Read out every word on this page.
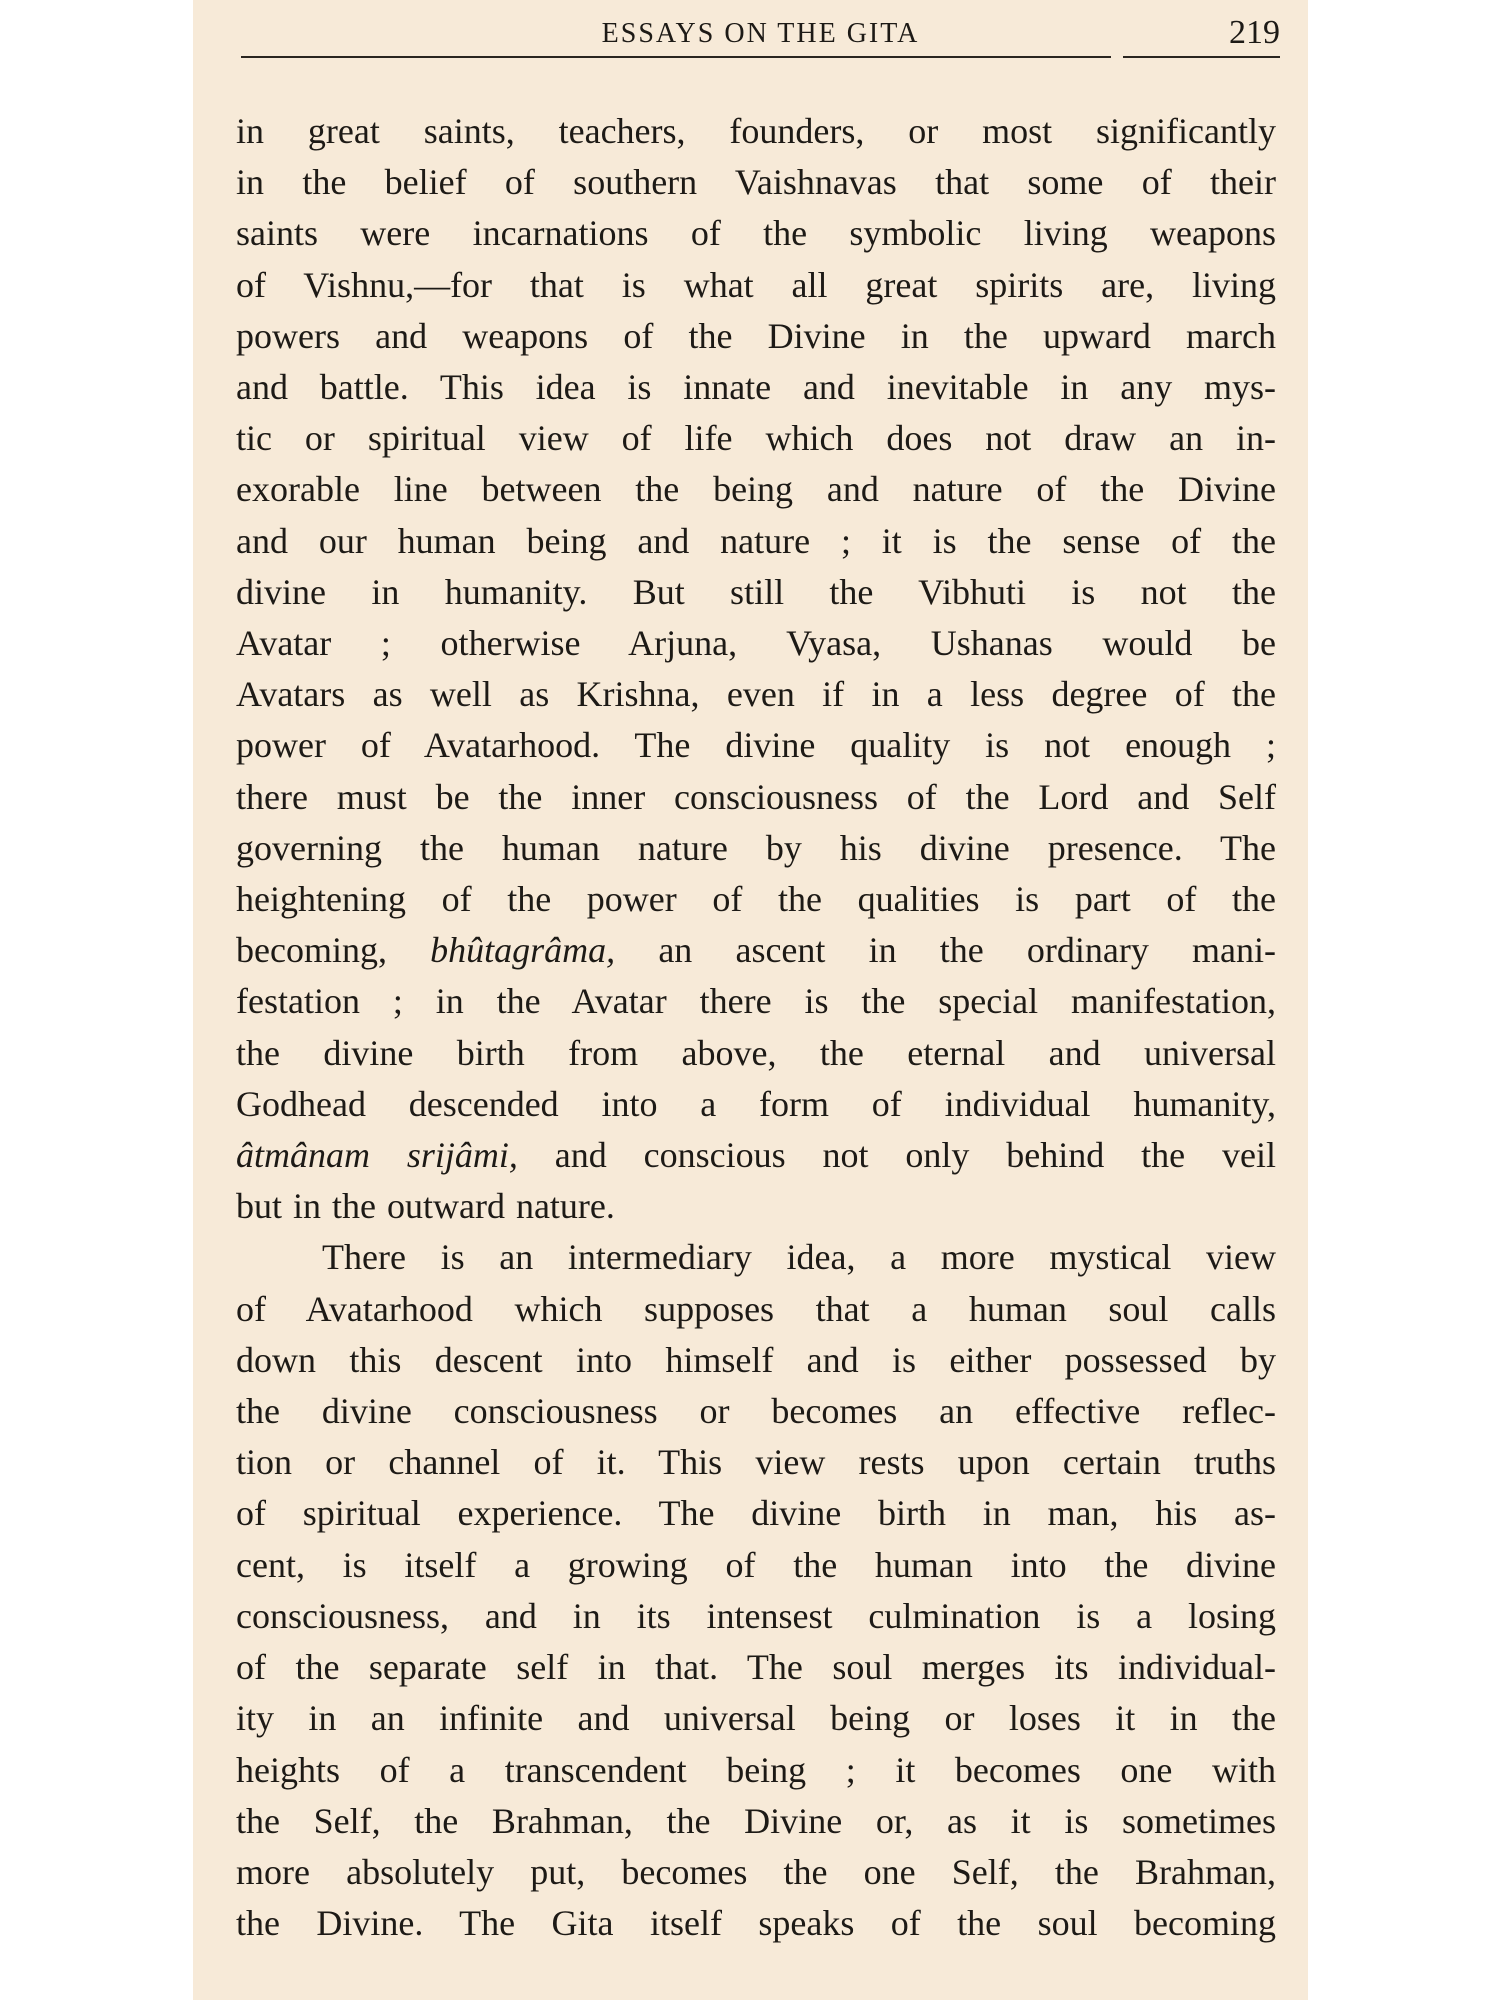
ESSAYS ON THE GITA	219
in great saints, teachers, founders, or most significantly
in the belief of southern Vaishnavas that some of their
saints were incarnations of the symbolic living weapons
of Vishnu,—for that is what all great spirits are, living
powers and weapons of the Divine in the upward march
and battle. This idea is innate and inevitable in any mys-
tic or spiritual view of life which does not draw an in-
exorable line between the being and nature of the Divine
and our human being and nature ; it is the sense of the
divine in humanity. But still the Vibhuti is not the
Avatar ; otherwise Arjuna, Vyasa, Ushanas would be
Avatars as well as Krishna, even if in a less degree of the
power of Avatarhood. The divine quality is not enough ;
there must be the inner consciousness of the Lord and Self
governing the human nature by his divine presence. The
heightening of the power of the qualities is part of the
becoming, bhûtagrâma, an ascent in the ordinary mani-
festation ; in the Avatar there is the special manifestation,
the divine birth from above, the eternal and universal
Godhead descended into a form of individual humanity,
âtmânam srijâmi, and conscious not only behind the veil
but in the outward nature.
There is an intermediary idea, a more mystical view
of Avatarhood which supposes that a human soul calls
down this descent into himself and is either possessed by
the divine consciousness or becomes an effective reflec-
tion or channel of it. This view rests upon certain truths
of spiritual experience. The divine birth in man, his as-
cent, is itself a growing of the human into the divine
consciousness, and in its intensest culmination is a losing
of the separate self in that. The soul merges its individual-
ity in an infinite and universal being or loses it in the
heights of a transcendent being ; it becomes one with
the Self, the Brahman, the Divine or, as it is sometimes
more absolutely put, becomes the one Self, the Brahman,
the Divine. The Gita itself speaks of the soul becoming
